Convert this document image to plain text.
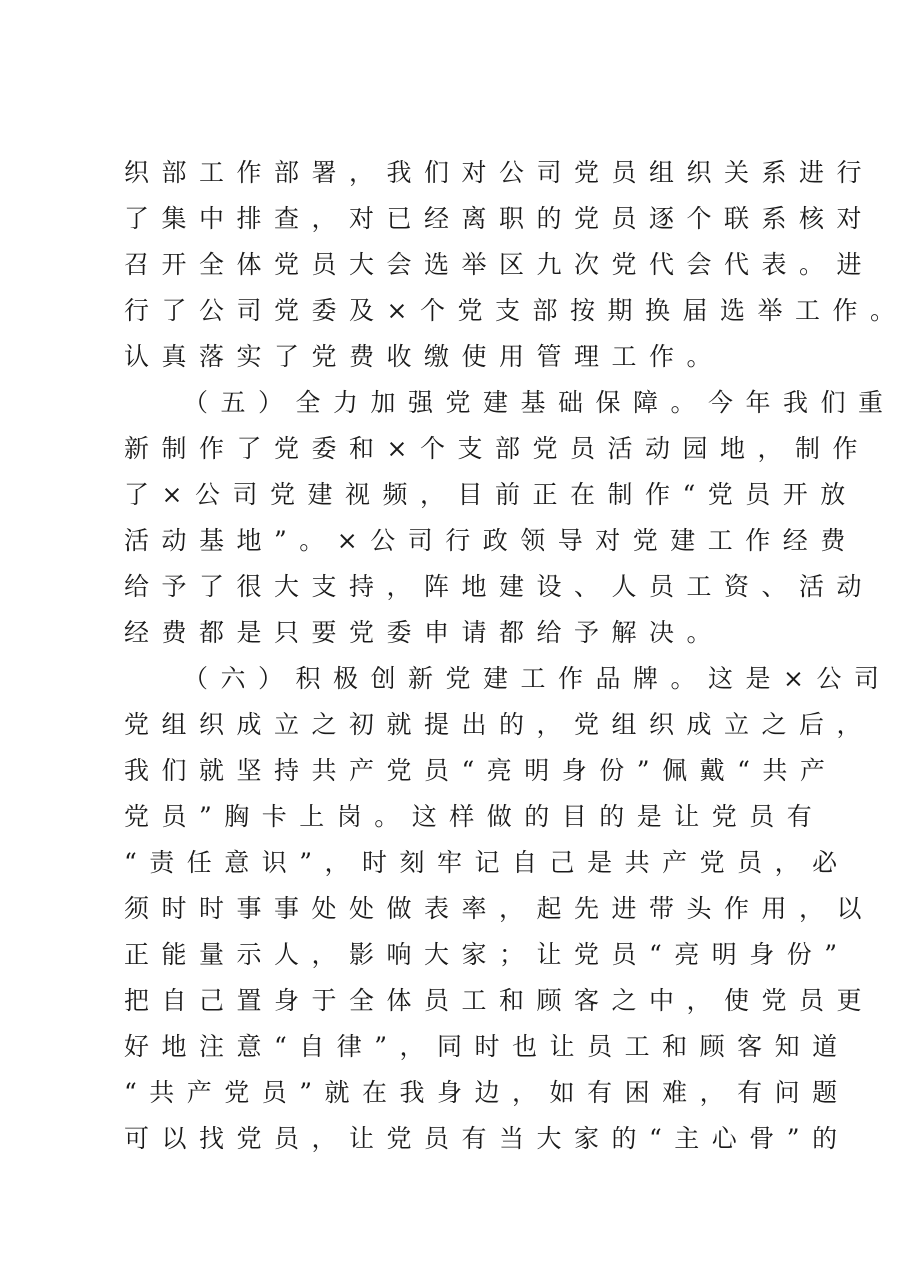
织部工作部署，我们对公司党员组织关系进行
了集中排查，对已经离职的党员逐个联系核对
召开全体党员大会选举区九次党代会代表。进
行了公司党委及×个党支部按期换届选举工作。
认真落实了党费收缴使用管理工作。
（五）全力加强党建基础保障。今年我们重
新制作了党委和×个支部党员活动园地，制作
了×公司党建视频，目前正在制作“党员开放
活动基地”。×公司行政领导对党建工作经费
给予了很大支持，阵地建设、人员工资、活动
经费都是只要党委申请都给予解决。
（六）积极创新党建工作品牌。这是×公司
党组织成立之初就提出的，党组织成立之后，
我们就坚持共产党员“亮明身份”佩戴“共产
党员”胸卡上岗。这样做的目的是让党员有
“责任意识”，时刻牢记自己是共产党员，必
须时时事事处处做表率，起先进带头作用，以
正能量示人，影响大家；让党员“亮明身份”
把自己置身于全体员工和顾客之中，使党员更
好地注意“自律”，同时也让员工和顾客知道
“共产党员”就在我身边，如有困难，有问题
可以找党员，让党员有当大家的“主心骨”的
